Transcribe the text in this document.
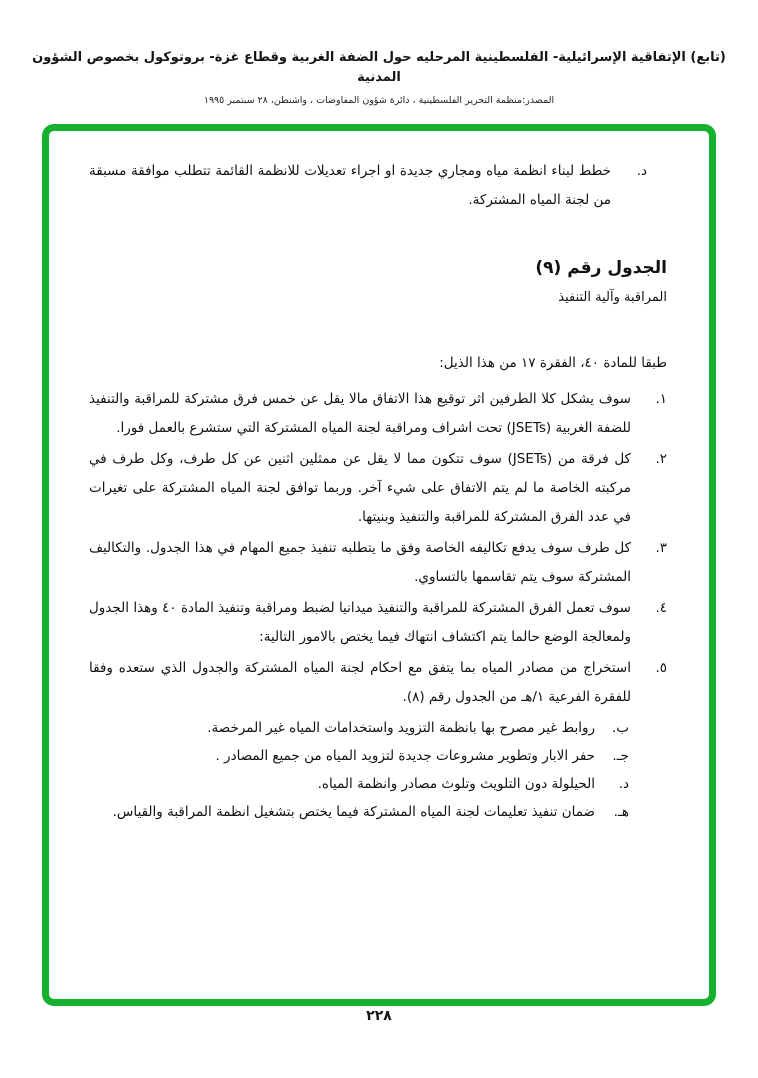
(تابع) الإتفاقية الإسرائيلية- الفلسطينية المرحليه حول الضفة الغربية وقطاع غزة- بروتوكول بخصوص الشؤون المدنية
المصدر:منظمة التحرير الفلسطينية ، دائرة شؤون المفاوضات ، واشنطن، ٢٨ سبتمبر ١٩٩٥
د.
خطط لبناء انظمة مياه ومجاري جديدة او اجراء تعديلات للانظمة القائمة تتطلب موافقة مسبقة من لجنة المياه المشتركة.
الجدول رقم (٩)
المراقبة وآلية التنفيذ
طبقا للمادة ٤٠، الفقرة ١٧ من هذا الذيل:
١.
سوف يشكل كلا الطرفين اثر توقيع هذا الاتفاق مالا يقل عن خمس فرق مشتركة للمراقبة والتنفيذ للضفة الغربية (JSETs) تحت اشراف ومراقبة لجنة المياه المشتركة التي ستشرع بالعمل فورا.
٢.
كل فرقة من (JSETs) سوف تتكون مما لا يقل عن ممثلين اثنين عن كل طرف، وكل طرف في مركبته الخاصة ما لم يتم الاتفاق على شيء آخر. وربما توافق لجنة المياه المشتركة على تغيرات في عدد الفرق المشتركة للمراقبة والتنفيذ وبنيتها.
٣.
كل طرف سوف يدفع تكاليفه الخاصة وفق ما يتطلبه تنفيذ جميع المهام في هذا الجدول. والتكاليف المشتركة سوف يتم تقاسمها بالتساوي.
٤.
سوف تعمل الفرق المشتركة للمراقبة والتنفيذ ميدانيا لضبط ومراقبة وتنفيذ المادة ٤٠ وهذا الجدول ولمعالجة الوضع حالما يتم اكتشاف انتهاك فيما يختص بالامور التالية:
٥.
استخراج من مصادر المياه بما يتفق مع احكام لجنة المياه المشتركة والجدول الذي ستعده وفقا للفقرة الفرعية ١/هـ من الجدول رقم (٨).
ب.
روابط غير مصرح بها بانظمة التزويد واستخدامات المياه غير المرخصة.
جـ.
حفر الابار وتطوير مشروعات جديدة لتزويد المياه من جميع المصادر .
د.
الحيلولة دون التلويث وتلوث مصادر وانظمة المياه.
هـ.
ضمان تنفيذ تعليمات لجنة المياه المشتركة فيما يختص بتشغيل انظمة المراقبة والقياس.
٢٢٨
